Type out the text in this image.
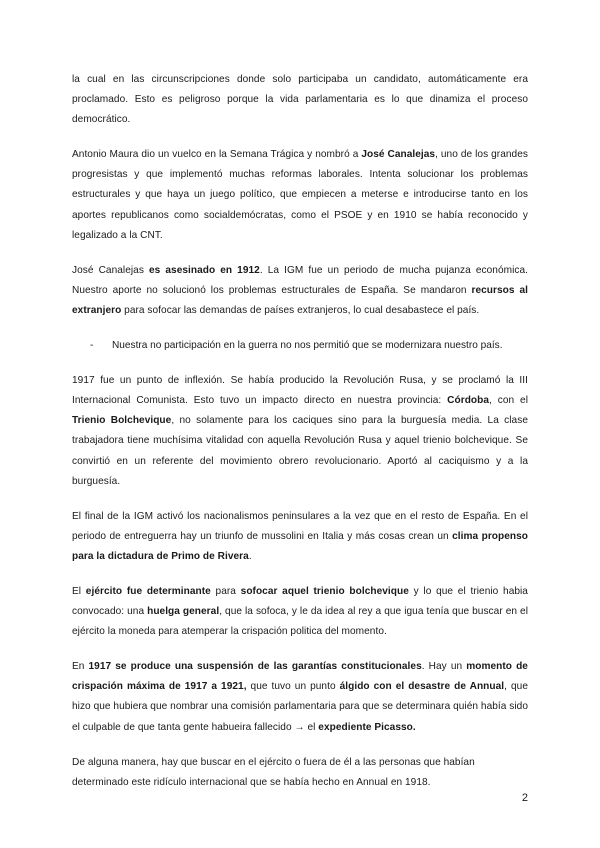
la cual en las circunscripciones donde solo participaba un candidato, automáticamente era proclamado. Esto es peligroso porque la vida parlamentaria es lo que dinamiza el proceso democrático.

Antonio Maura dio un vuelco en la Semana Trágica y nombró a José Canalejas, uno de los grandes progresistas y que implementó muchas reformas laborales. Intenta solucionar los problemas estructurales y que haya un juego político, que empiecen a meterse e introducirse tanto en los aportes republicanos como socialdemócratas, como el PSOE y en 1910 se había reconocido y legalizado a la CNT.

José Canalejas es asesinado en 1912. La IGM fue un periodo de mucha pujanza económica. Nuestro aporte no solucionó los problemas estructurales de España. Se mandaron recursos al extranjero para sofocar las demandas de países extranjeros, lo cual desabastece el país.

-	Nuestra no participación en la guerra no nos permitió que se modernizara nuestro país.

1917 fue un punto de inflexión. Se había producido la Revolución Rusa, y se proclamó la III Internacional Comunista. Esto tuvo un impacto directo en nuestra provincia: Córdoba, con el Trienio Bolchevique, no solamente para los caciques sino para la burguesía media. La clase trabajadora tiene muchísima vitalidad con aquella Revolución Rusa y aquel trienio bolchevique. Se convirtió en un referente del movimiento obrero revolucionario. Aportó al caciquismo y a la burguesía.

El final de la IGM activó los nacionalismos peninsulares a la vez que en el resto de España. En el periodo de entreguerra hay un triunfo de mussolini en Italia y más cosas crean un clima propenso para la dictadura de Primo de Rivera.

El ejército fue determinante para sofocar aquel trienio bolchevique y lo que el trienio habia convocado: una huelga general, que la sofoca, y le da idea al rey a que igua tenía que buscar en el ejército la moneda para atemperar la crispación politica del momento.

En 1917 se produce una suspensión de las garantías constitucionales. Hay un momento de crispación máxima de 1917 a 1921, que tuvo un punto álgido con el desastre de Annual, que hizo que hubiera que nombrar una comisión parlamentaria para que se determinara quién había sido el culpable de que tanta gente habueira fallecido → el expediente Picasso.

De alguna manera, hay que buscar en el ejército o fuera de él a las personas que habían determinado este ridículo internacional que se había hecho en Annual en 1918.

2
